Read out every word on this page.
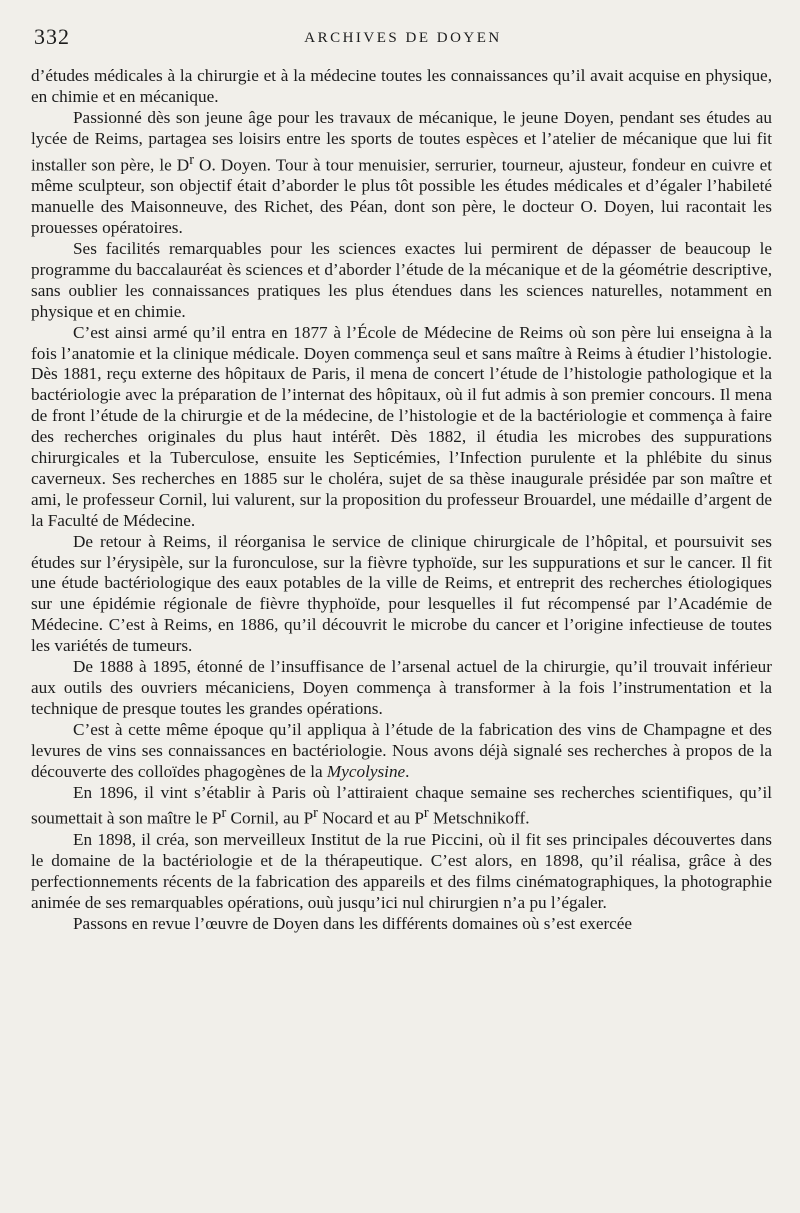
332	ARCHIVES DE DOYEN

d’études médicales à la chirurgie et à la médecine toutes les connaissances qu’il avait acquise en physique, en chimie et en mécanique.

Passionné dès son jeune âge pour les travaux de mécanique, le jeune Doyen, pendant ses études au lycée de Reims, partagea ses loisirs entre les sports de toutes espèces et l’atelier de mécanique que lui fit installer son père, le $D^r$ O. Doyen. Tour à tour menuisier, serrurier, tourneur, ajusteur, fondeur en cuivre et même sculpteur, son objectif était d’aborder le plus tôt possible les études médicales et d’égaler l’habileté manuelle des Maisonneuve, des Richet, des Péan, dont son père, le docteur O. Doyen, lui racontait les prouesses opératoires.

Ses facilités remarquables pour les sciences exactes lui permirent de dépasser de beaucoup le programme du baccalauréat ès sciences et d’aborder l’étude de la mécanique et de la géométrie descriptive, sans oublier les connaissances pratiques les plus étendues dans les sciences naturelles, notamment en physique et en chimie.

C’est ainsi armé qu’il entra en 1877 à l’École de Médecine de Reims où son père lui enseigna à la fois l’anatomie et la clinique médicale. Doyen commença seul et sans maître à Reims à étudier l’histologie. Dès 1881, reçu externe des hôpitaux de Paris, il mena de concert l’étude de l’histologie pathologique et la bactériologie avec la préparation de l’internat des hôpitaux, où il fut admis à son premier concours. Il mena de front l’étude de la chirurgie et de la médecine, de l’histologie et de la bactériologie et commença à faire des recherches originales du plus haut intérêt. Dès 1882, il étudia les microbes des suppurations chirurgicales et la Tuberculose, ensuite les Septicémies, l’Infection purulente et la phlébite du sinus caverneux. Ses recherches en 1885 sur le choléra, sujet de sa thèse inaugurale présidée par son maître et ami, le professeur Cornil, lui valurent, sur la proposition du professeur Brouardel, une médaille d’argent de la Faculté de Médecine.

De retour à Reims, il réorganisa le service de clinique chirurgicale de l’hôpital, et poursuivit ses études sur l’érysipèle, sur la furonculose, sur la fièvre typhoïde, sur les suppurations et sur le cancer. Il fit une étude bactériologique des eaux potables de la ville de Reims, et entreprit des recherches étiologiques sur une épidémie régionale de fièvre thyphoïde, pour lesquelles il fut récompensé par l’Académie de Médecine. C’est à Reims, en 1886, qu’il découvrit le microbe du cancer et l’origine infectieuse de toutes les variétés de tumeurs.

De 1888 à 1895, étonné de l’insuffisance de l’arsenal actuel de la chirurgie, qu’il trouvait inférieur aux outils des ouvriers mécaniciens, Doyen commença à transformer à la fois l’instrumentation et la technique de presque toutes les grandes opérations.

C’est à cette même époque qu’il appliqua à l’étude de la fabrication des vins de Champagne et des levures de vins ses connaissances en bactériologie. Nous avons déjà signalé ses recherches à propos de la découverte des colloïdes phagogènes de la Mycolysine.

En 1896, il vint s’établir à Paris où l’attiraient chaque semaine ses recherches scientifiques, qu’il soumettait à son maître le $P^r$ Cornil, au $P^r$ Nocard et au $P^r$ Metschnikoff.

En 1898, il créa, son merveilleux Institut de la rue Piccini, où il fit ses principales découvertes dans le domaine de la bactériologie et de la thérapeutique. C’est alors, en 1898, qu’il réalisa, grâce à des perfectionnements récents de la fabrication des appareils et des films cinématographiques, la photographie animée de ses remarquables opérations, ouù jusqu’ici nul chirurgien n’a pu l’égaler.

Passons en revue l’œuvre de Doyen dans les différents domaines où s’est exercée
